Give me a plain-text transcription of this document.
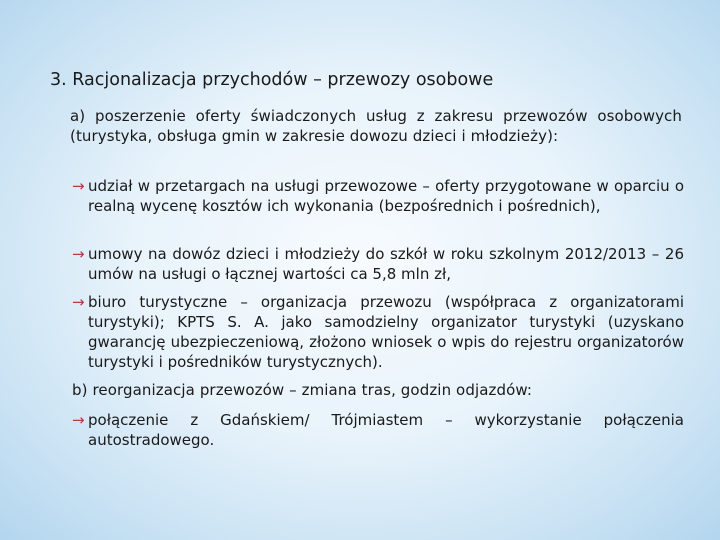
3. Racjonalizacja przychodów – przewozy osobowe
a) poszerzenie oferty świadczonych usług z zakresu przewozów osobowych (turystyka, obsługa gmin w zakresie dowozu dzieci i młodzieży):
→ udział w przetargach na usługi przewozowe – oferty przygotowane w oparciu o realną wycenę kosztów ich wykonania (bezpośrednich i pośrednich),
→ umowy na dowóz dzieci i młodzieży do szkół w roku szkolnym 2012/2013 – 26 umów na usługi o łącznej wartości ca 5,8 mln zł,
→ biuro turystyczne – organizacja przewozu (współpraca z organizatorami turystyki); KPTS S. A. jako samodzielny organizator turystyki (uzyskano gwarancję ubezpieczeniową, złożono wniosek o wpis do rejestru organizatorów turystyki i pośredników turystycznych).
b) reorganizacja przewozów – zmiana tras, godzin odjazdów:
→ połączenie z Gdańskiem/ Trójmiastem – wykorzystanie połączenia autostradowego.
